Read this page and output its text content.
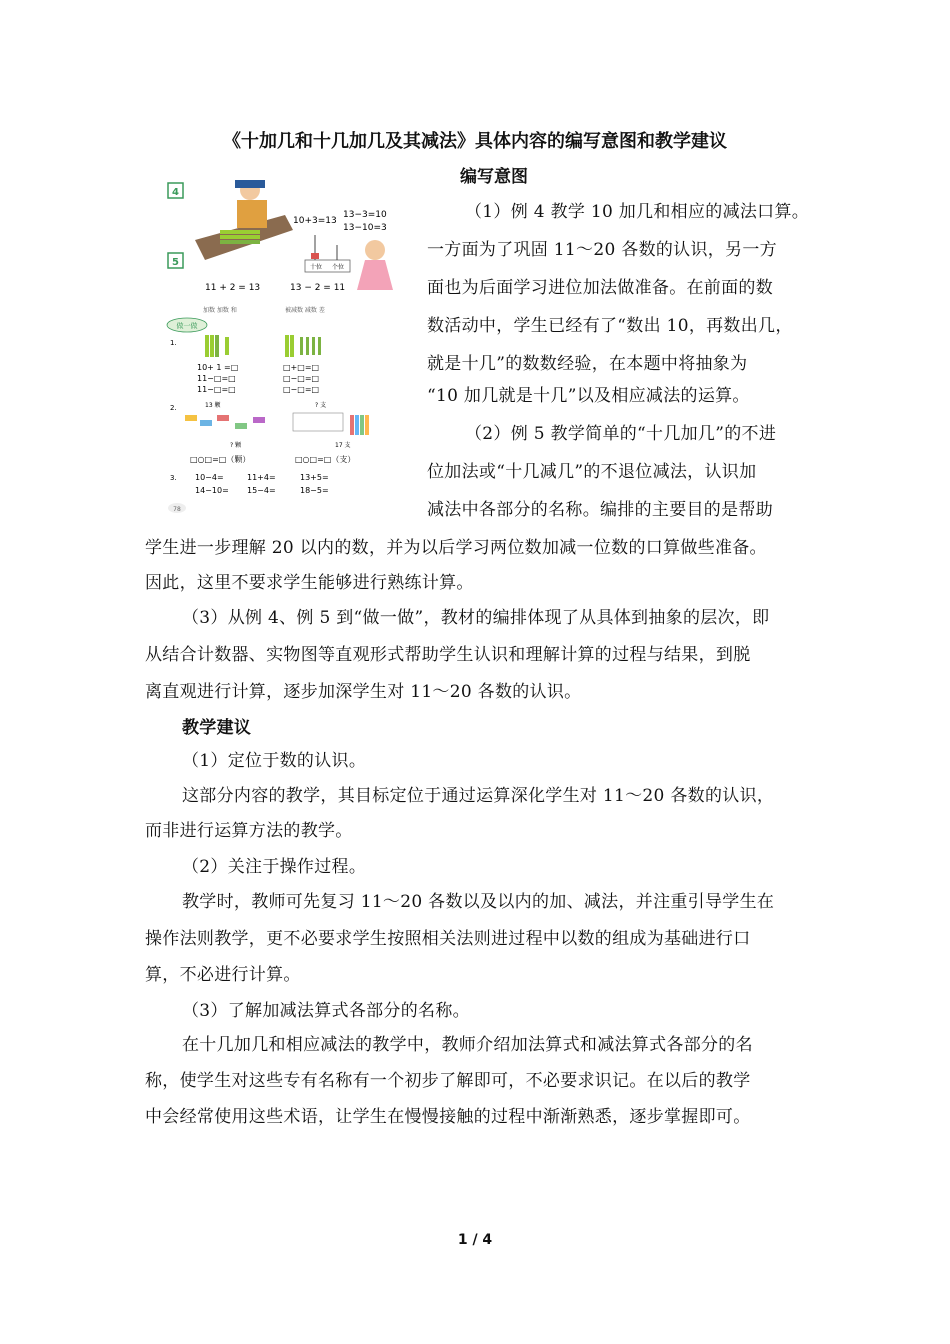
《十加几和十几加几及其减法》具体内容的编写意图和教学建议
编写意图
4
10+3=13
13−3=10
13−10=3
十位 个位
5
11 + 2 = 13	13 − 2 = 11
加数 加数 和	被减数 减数 差
做一做
1.
10+ 1 =□
11−□=□
11−□=□
□+□=□
□−□=□
□−□=□
2.	13 颗	? 支
? 颗	17 支
□○□=□（颗）	□○□=□（支）
3. 10−4=	11+4=	13+5=
14−10= 15−4=	18−5=
78
（1）例 4 教学 10 加几和相应的减法口算。
一方面为了巩固 11～20 各数的认识，另一方
面也为后面学习进位加法做准备。在前面的数
数活动中，学生已经有了“数出 10，再数出几，
就是十几”的数数经验，在本题中将抽象为
“10 加几就是十几”以及相应减法的运算。
（2）例 5 教学简单的“十几加几”的不进
位加法或“十几减几”的不退位减法，认识加
减法中各部分的名称。编排的主要目的是帮助
学生进一步理解 20 以内的数，并为以后学习两位数加减一位数的口算做些准备。
因此，这里不要求学生能够进行熟练计算。
（3）从例 4、例 5 到“做一做”，教材的编排体现了从具体到抽象的层次，即
从结合计数器、实物图等直观形式帮助学生认识和理解计算的过程与结果，到脱
离直观进行计算，逐步加深学生对 11～20 各数的认识。
教学建议
（1）定位于数的认识。
这部分内容的教学，其目标定位于通过运算深化学生对 11～20 各数的认识，
而非进行运算方法的教学。
（2）关注于操作过程。
教学时，教师可先复习 11～20 各数以及以内的加、减法，并注重引导学生在
操作法则教学，更不必要求学生按照相关法则进过程中以数的组成为基础进行口
算，不必进行计算。
（3）了解加减法算式各部分的名称。
在十几加几和相应减法的教学中，教师介绍加法算式和减法算式各部分的名
称，使学生对这些专有名称有一个初步了解即可，不必要求识记。在以后的教学
中会经常使用这些术语，让学生在慢慢接触的过程中渐渐熟悉，逐步掌握即可。
1 / 4
